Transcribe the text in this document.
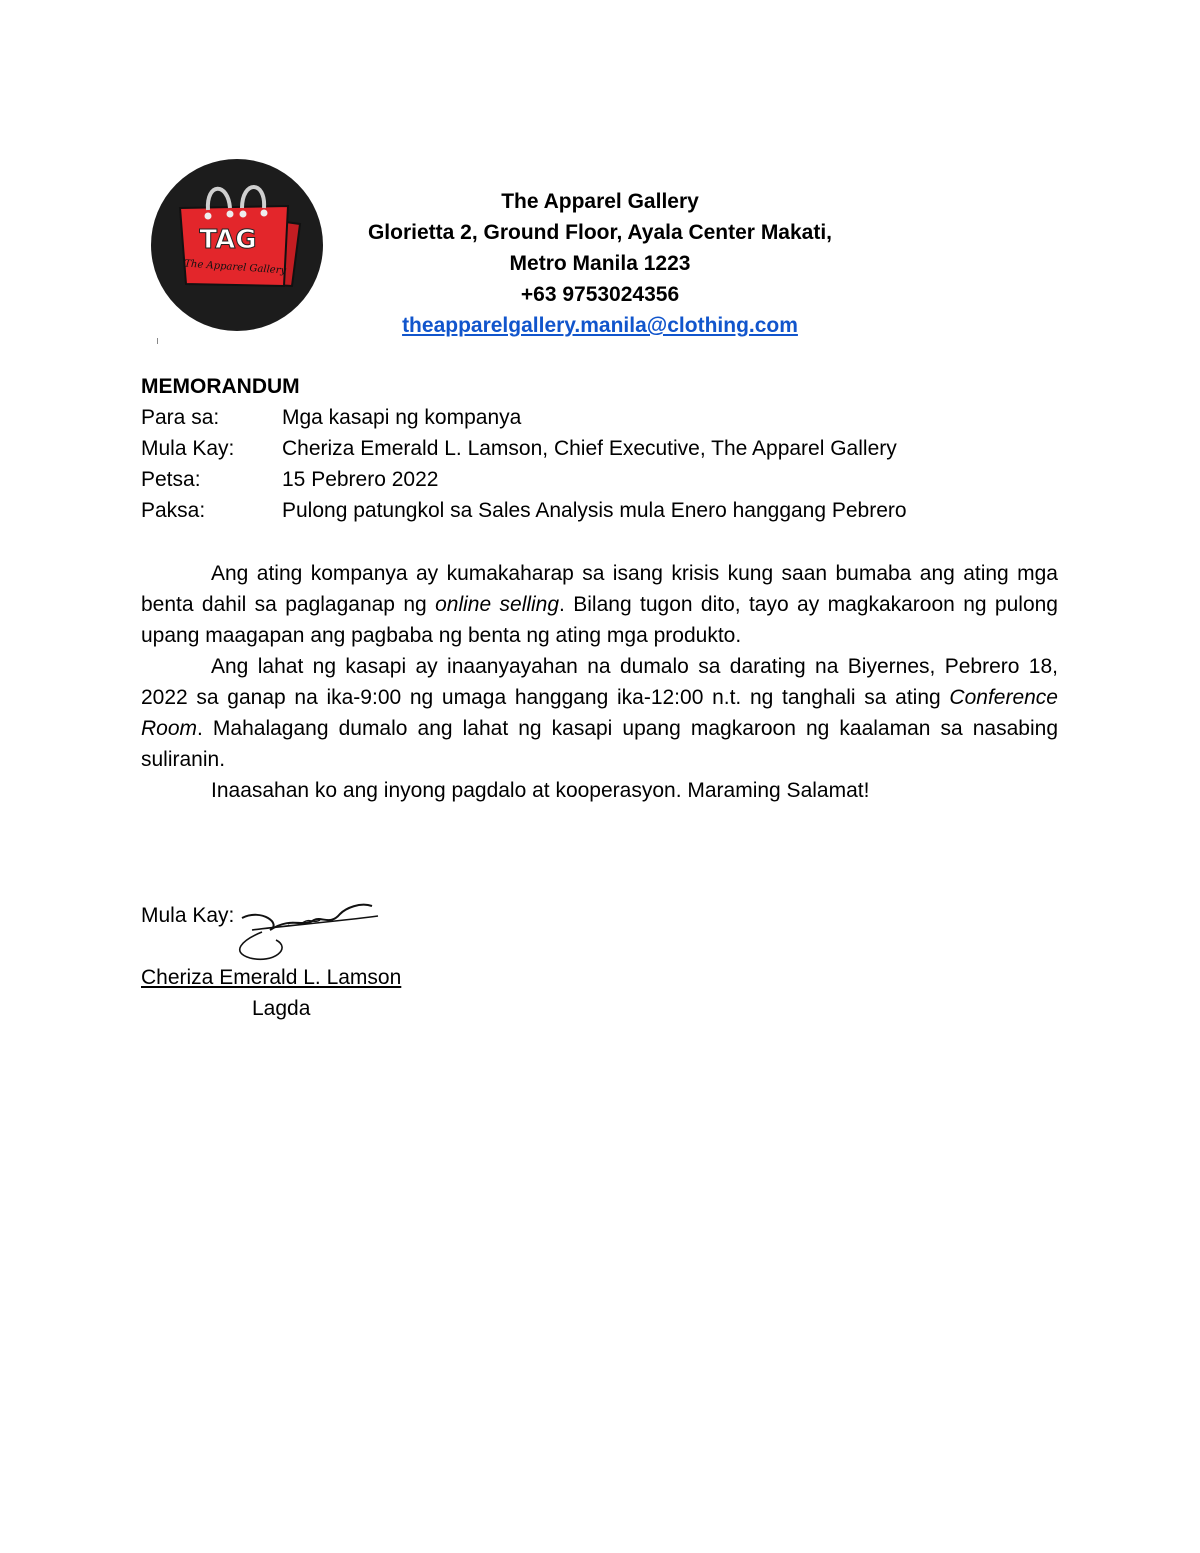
TAG
The Apparel Gallery
The Apparel Gallery
Glorietta 2, Ground Floor, Ayala Center Makati,
Metro Manila 1223
+63 9753024356
theapparelgallery.manila@clothing.com
MEMORANDUM
Para sa:	Mga kasapi ng kompanya
Mula Kay:	Cheriza Emerald L. Lamson, Chief Executive, The Apparel Gallery
Petsa:	15 Pebrero 2022
Paksa:	Pulong patungkol sa Sales Analysis mula Enero hanggang Pebrero

Ang ating kompanya ay kumakaharap sa isang krisis kung saan bumaba ang ating mga benta dahil sa paglaganap ng online selling. Bilang tugon dito, tayo ay magkakaroon ng pulong upang maagapan ang pagbaba ng benta ng ating mga produkto.

Ang lahat ng kasapi ay inaanyayahan na dumalo sa darating na Biyernes, Pebrero 18, 2022 sa ganap na ika-9:00 ng umaga hanggang ika-12:00 n.t. ng tanghali sa ating Conference Room. Mahalagang dumalo ang lahat ng kasapi upang magkaroon ng kaalaman sa nasabing suliranin.

Inaasahan ko ang inyong pagdalo at kooperasyon. Maraming Salamat!

Mula Kay:
Cheriza Emerald L. Lamson
Lagda
